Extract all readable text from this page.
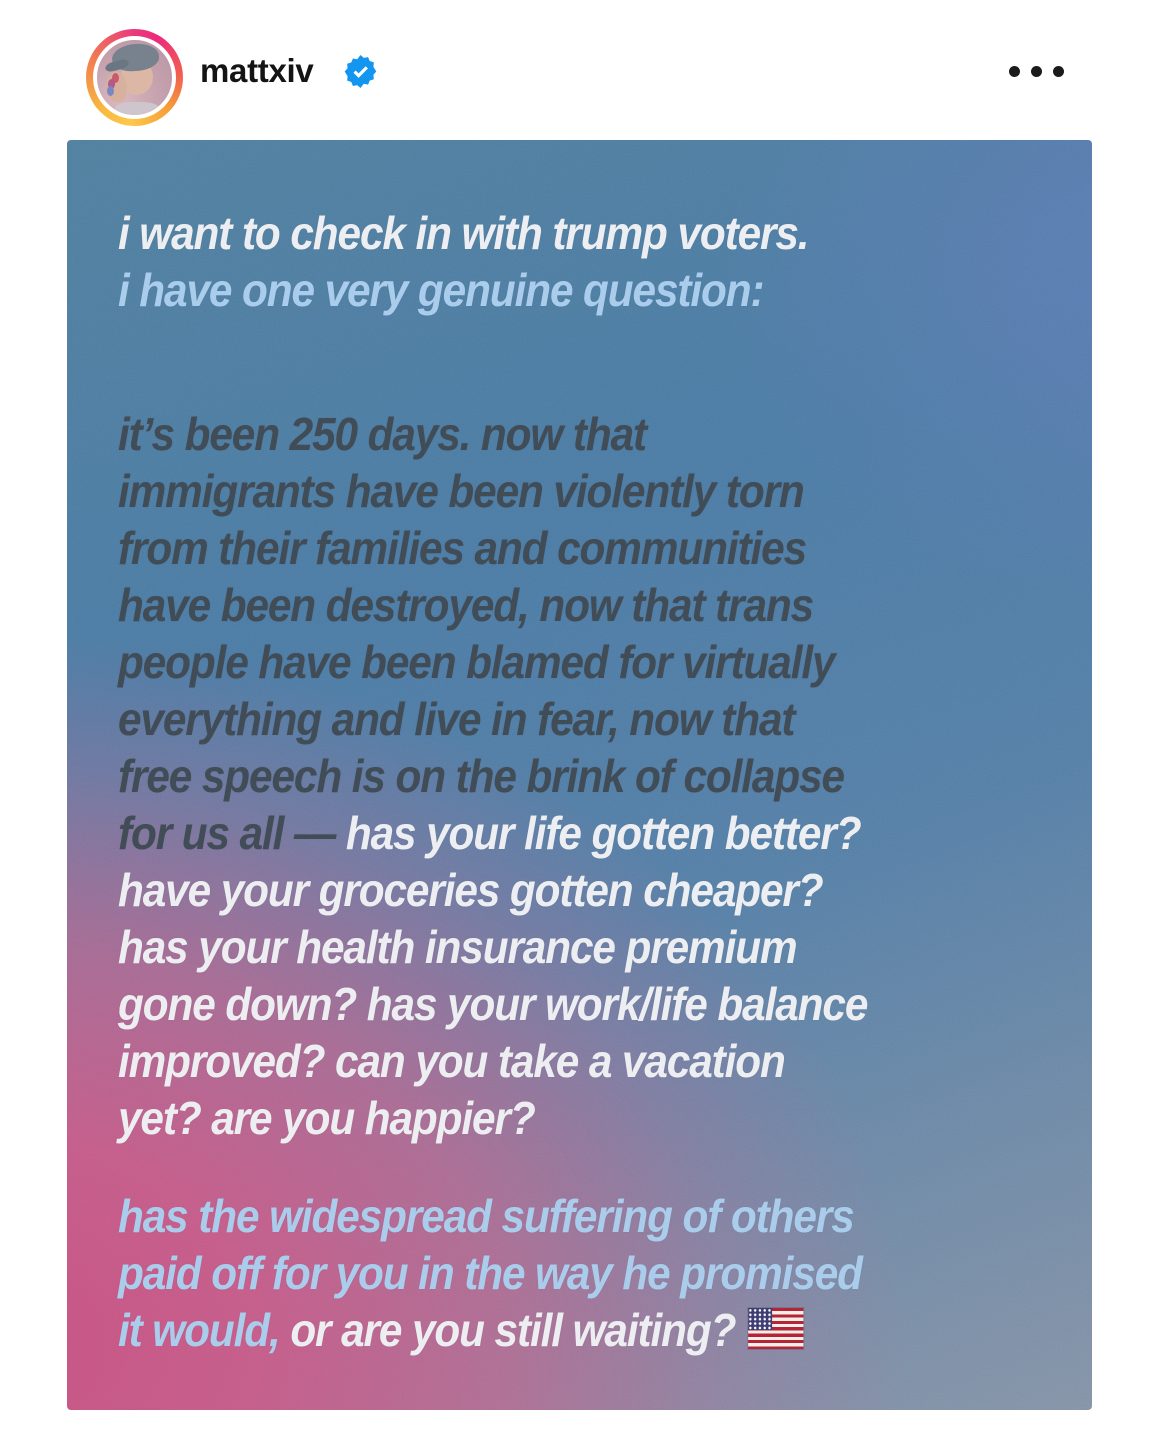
mattxiv
i want to check in with trump voters.
i have one very genuine question:
it’s been 250 days. now that
immigrants have been violently torn
from their families and communities
have been destroyed, now that trans
people have been blamed for virtually
everything and live in fear, now that
free speech is on the brink of collapse
for us all — has your life gotten better?
have your groceries gotten cheaper?
has your health insurance premium
gone down? has your work/life balance
improved? can you take a vacation
yet? are you happier?
has the widespread suffering of others
paid off for you in the way he promised
it would, or are you still waiting?
